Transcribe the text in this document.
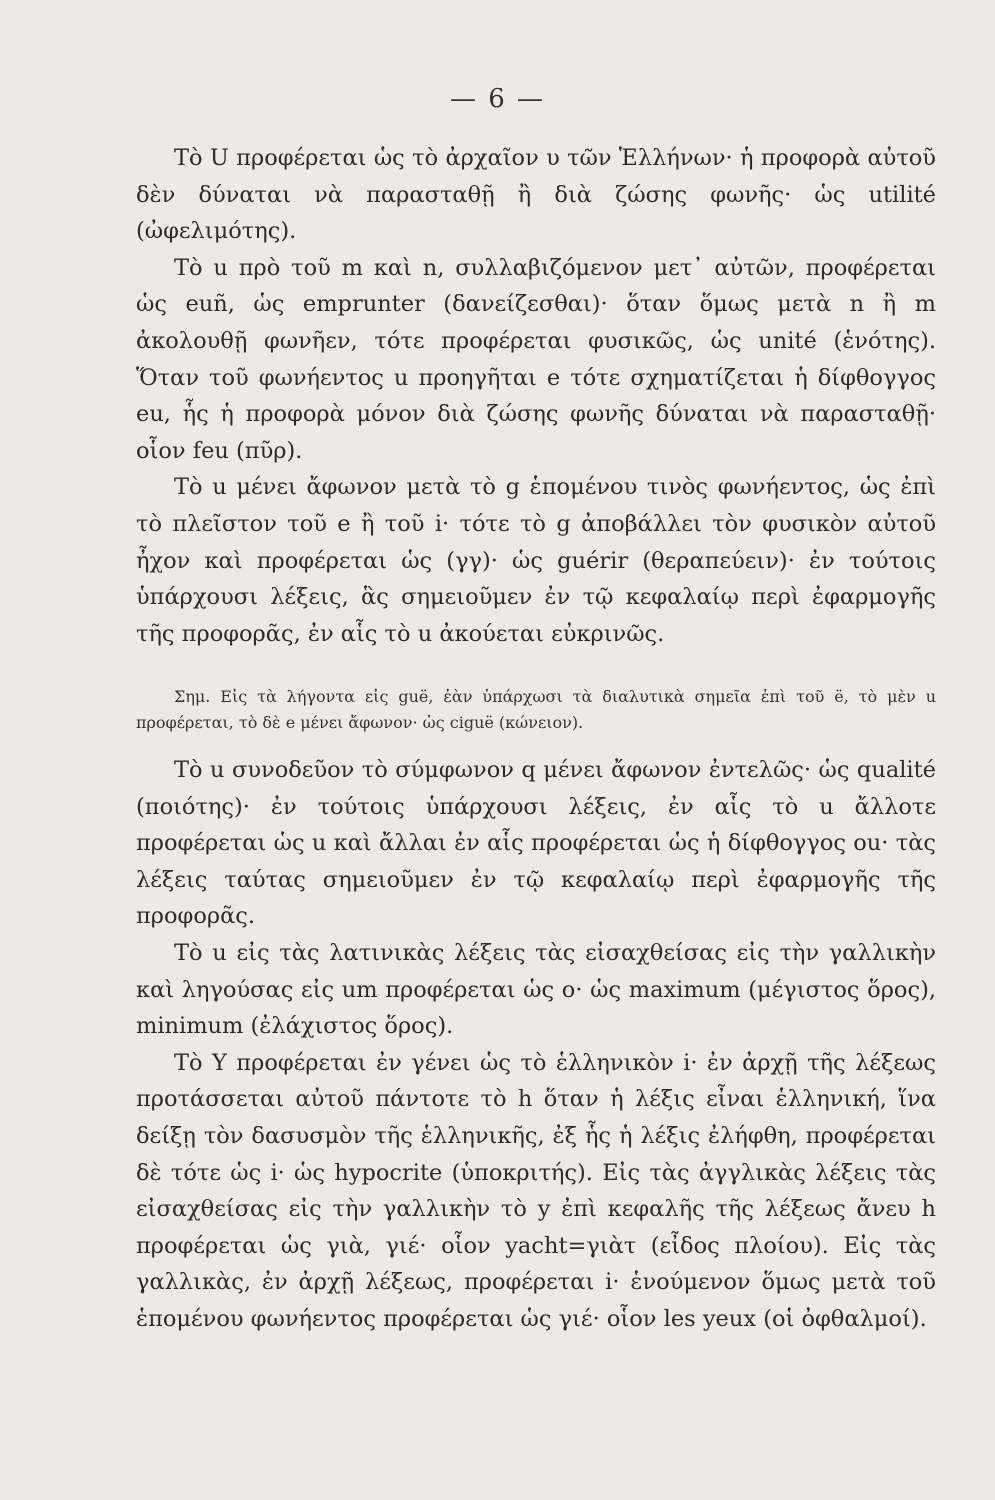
— 6 —

Τὸ U προφέρεται ὡς τὸ ἀρχαῖον υ τῶν Ἑλλήνων· ἡ προφορὰ αὐτοῦ δὲν δύναται νὰ παρασταθῇ ἢ διὰ ζώσης φωνῆς· ὡς utilité (ὠφελιμότης).

Τὸ u πρὸ τοῦ m καὶ n, συλλαβιζόμενον μετ᾽ αὐτῶν, προφέρεται ὡς euñ, ὡς emprunter (δανείζεσθαι)· ὅταν ὅμως μετὰ n ἢ m ἀκολουθῇ φωνῆεν, τότε προφέρεται φυσικῶς, ὡς unité (ἑνότης). Ὅταν τοῦ φωνήεντος u προηγῆται e τότε σχηματίζεται ἡ δίφθογγος eu, ἧς ἡ προφορὰ μόνον διὰ ζώσης φωνῆς δύναται νὰ παρασταθῇ· οἷον feu (πῦρ).

Τὸ u μένει ἄφωνον μετὰ τὸ g ἑπομένου τινὸς φωνήεντος, ὡς ἐπὶ τὸ πλεῖστον τοῦ e ἢ τοῦ i· τότε τὸ g ἀποβάλλει τὸν φυσικὸν αὐτοῦ ἦχον καὶ προφέρεται ὡς (γγ)· ὡς guérir (θεραπεύειν)· ἐν τούτοις ὑπάρχουσι λέξεις, ἃς σημειοῦμεν ἐν τῷ κεφαλαίῳ περὶ ἐφαρμογῆς τῆς προφορᾶς, ἐν αἷς τὸ u ἀκούεται εὐκρινῶς.

Σημ. Εἰς τὰ λήγοντα εἰς guë, ἐὰν ὑπάρχωσι τὰ διαλυτικὰ σημεῖα ἐπὶ τοῦ ë, τὸ μὲν u προφέρεται, τὸ δὲ e μένει ἄφωνον· ὡς ciguë (κώνειον).

Τὸ u συνοδεῦον τὸ σύμφωνον q μένει ἄφωνον ἐντελῶς· ὡς qualité (ποιότης)· ἐν τούτοις ὑπάρχουσι λέξεις, ἐν αἷς τὸ u ἄλλοτε προφέρεται ὡς u καὶ ἄλλαι ἐν αἷς προφέρεται ὡς ἡ δίφθογγος ou· τὰς λέξεις ταύτας σημειοῦμεν ἐν τῷ κεφαλαίῳ περὶ ἐφαρμογῆς τῆς προφορᾶς.

Τὸ u εἰς τὰς λατινικὰς λέξεις τὰς εἰσαχθείσας εἰς τὴν γαλλικὴν καὶ ληγούσας εἰς um προφέρεται ὡς o· ὡς maximum (μέγιστος ὅρος), minimum (ἐλάχιστος ὅρος).

Τὸ Y προφέρεται ἐν γένει ὡς τὸ ἑλληνικὸν i· ἐν ἀρχῇ τῆς λέξεως προτάσσεται αὐτοῦ πάντοτε τὸ h ὅταν ἡ λέξις εἶναι ἑλληνική, ἵνα δείξῃ τὸν δασυσμὸν τῆς ἑλληνικῆς, ἐξ ἧς ἡ λέξις ἐλήφθη, προφέρεται δὲ τότε ὡς i· ὡς hypocrite (ὑποκριτής). Εἰς τὰς ἀγγλικὰς λέξεις τὰς εἰσαχθείσας εἰς τὴν γαλλικὴν τὸ y ἐπὶ κεφαλῆς τῆς λέξεως ἄνευ h προφέρεται ὡς γιὰ, γιέ· οἷον yacht=γιὰτ (εἶδος πλοίου). Εἰς τὰς γαλλικὰς, ἐν ἀρχῇ λέξεως, προφέρεται i· ἑνούμενον ὅμως μετὰ τοῦ ἑπομένου φωνήεντος προφέρεται ὡς γιέ· οἷον les yeux (οἱ ὀφθαλμοί).
